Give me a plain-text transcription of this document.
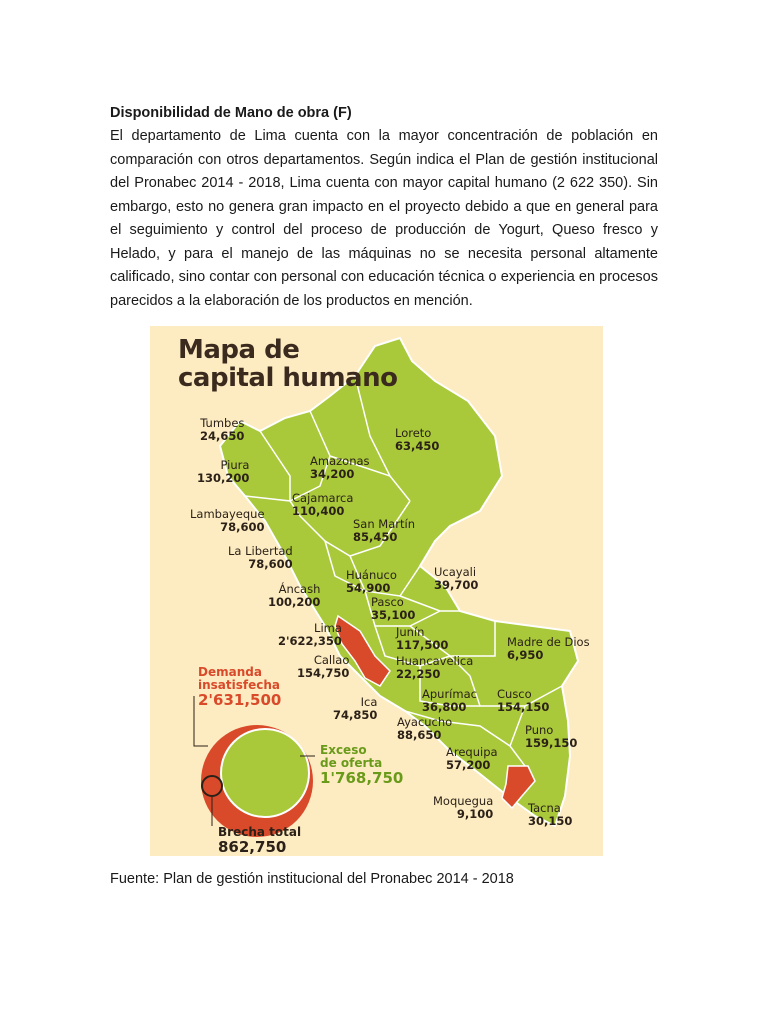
Disponibilidad de Mano de obra (F)

El departamento de Lima cuenta con la mayor concentración de población en comparación con otros departamentos. Según indica el Plan de gestión institucional del Pronabec 2014 - 2018, Lima cuenta con mayor capital humano (2 622 350). Sin embargo, esto no genera gran impacto en el proyecto debido a que en general para el seguimiento y control del proceso de producción de Yogurt, Queso fresco y Helado, y para el manejo de las máquinas no se necesita personal altamente calificado, sino contar con personal con educación técnica o experiencia en procesos parecidos a la elaboración de los productos en mención.

Mapa de
capital humano
Tumbes
24,650
Piura
130,200
Lambayeque
78,600
La Libertad
78,600
Áncash
100,200
Lima
2'622,350
Callao
154,750
Ica
74,850
Amazonas
34,200
Cajamarca
110,400
Loreto
63,450
San Martín
85,450
Huánuco
54,900
Pasco
35,100
Ucayali
39,700
Junín
117,500
Huancavelica
22,250
Madre de Dios
6,950
Apurímac
36,800
Ayacucho
88,650
Cusco
154,150
Puno
159,150
Arequipa
57,200
Moquegua
9,100	Tacna
30,150
Demanda
insatisfecha
2'631,500
Exceso
de oferta
1'768,750
Brecha total
862,750

Fuente: Plan de gestión institucional del Pronabec 2014 - 2018
